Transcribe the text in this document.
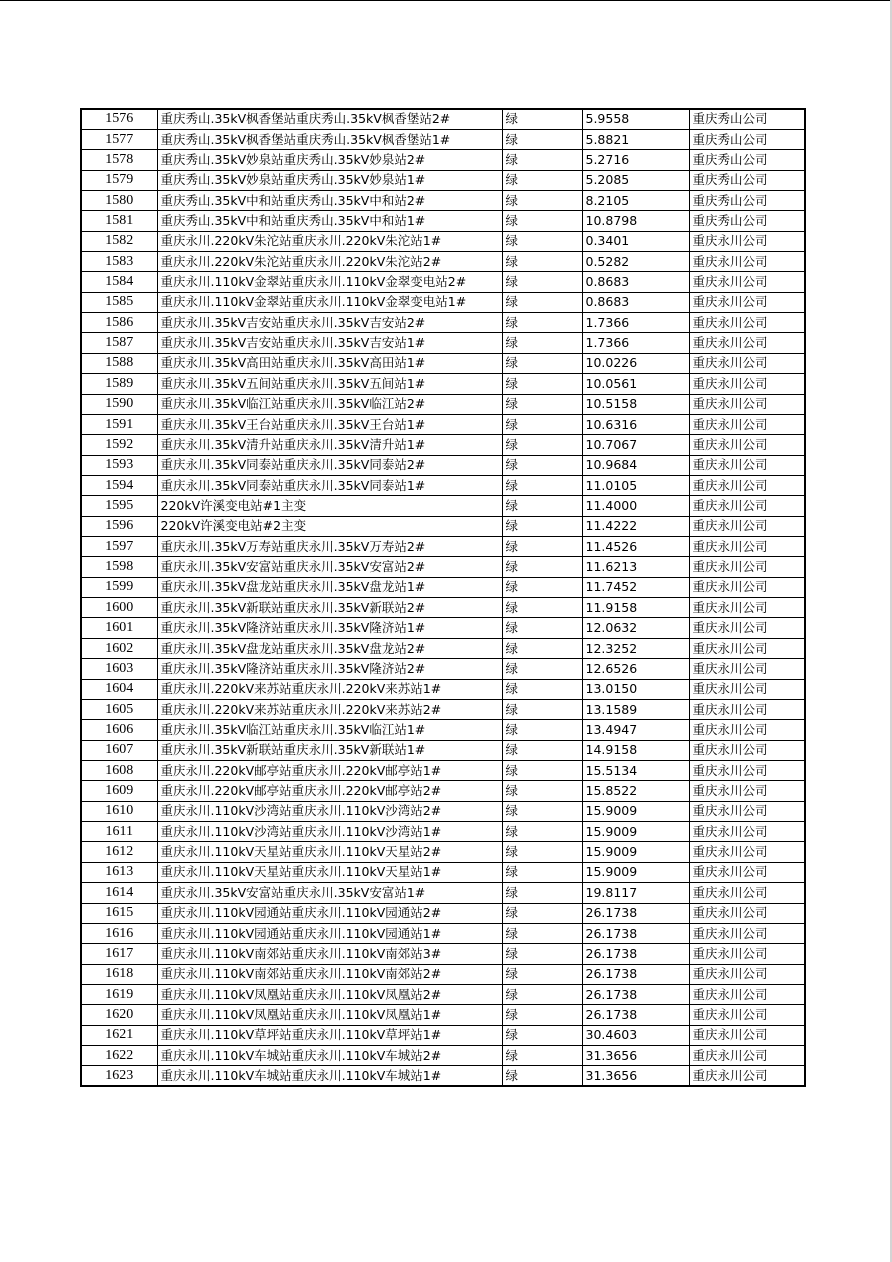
1576	重庆秀山.35kV枫香堡站重庆秀山.35kV枫香堡站2#	绿	5.9558	重庆秀山公司
1577	重庆秀山.35kV枫香堡站重庆秀山.35kV枫香堡站1#	绿	5.8821	重庆秀山公司
1578	重庆秀山.35kV妙泉站重庆秀山.35kV妙泉站2#	绿	5.2716	重庆秀山公司
1579	重庆秀山.35kV妙泉站重庆秀山.35kV妙泉站1#	绿	5.2085	重庆秀山公司
1580	重庆秀山.35kV中和站重庆秀山.35kV中和站2#	绿	8.2105	重庆秀山公司
1581	重庆秀山.35kV中和站重庆秀山.35kV中和站1#	绿	10.8798	重庆秀山公司
1582	重庆永川.220kV朱沱站重庆永川.220kV朱沱站1#	绿	0.3401	重庆永川公司
1583	重庆永川.220kV朱沱站重庆永川.220kV朱沱站2#	绿	0.5282	重庆永川公司
1584	重庆永川.110kV金翠站重庆永川.110kV金翠变电站2#	绿	0.8683	重庆永川公司
1585	重庆永川.110kV金翠站重庆永川.110kV金翠变电站1#	绿	0.8683	重庆永川公司
1586	重庆永川.35kV吉安站重庆永川.35kV吉安站2#	绿	1.7366	重庆永川公司
1587	重庆永川.35kV吉安站重庆永川.35kV吉安站1#	绿	1.7366	重庆永川公司
1588	重庆永川.35kV高田站重庆永川.35kV高田站1#	绿	10.0226	重庆永川公司
1589	重庆永川.35kV五间站重庆永川.35kV五间站1#	绿	10.0561	重庆永川公司
1590	重庆永川.35kV临江站重庆永川.35kV临江站2#	绿	10.5158	重庆永川公司
1591	重庆永川.35kV王台站重庆永川.35kV王台站1#	绿	10.6316	重庆永川公司
1592	重庆永川.35kV清升站重庆永川.35kV清升站1#	绿	10.7067	重庆永川公司
1593	重庆永川.35kV同泰站重庆永川.35kV同泰站2#	绿	10.9684	重庆永川公司
1594	重庆永川.35kV同泰站重庆永川.35kV同泰站1#	绿	11.0105	重庆永川公司
1595	220kV许溪变电站#1主变	绿	11.4000	重庆永川公司
1596	220kV许溪变电站#2主变	绿	11.4222	重庆永川公司
1597	重庆永川.35kV万寿站重庆永川.35kV万寿站2#	绿	11.4526	重庆永川公司
1598	重庆永川.35kV安富站重庆永川.35kV安富站2#	绿	11.6213	重庆永川公司
1599	重庆永川.35kV盘龙站重庆永川.35kV盘龙站1#	绿	11.7452	重庆永川公司
1600	重庆永川.35kV新联站重庆永川.35kV新联站2#	绿	11.9158	重庆永川公司
1601	重庆永川.35kV隆济站重庆永川.35kV隆济站1#	绿	12.0632	重庆永川公司
1602	重庆永川.35kV盘龙站重庆永川.35kV盘龙站2#	绿	12.3252	重庆永川公司
1603	重庆永川.35kV隆济站重庆永川.35kV隆济站2#	绿	12.6526	重庆永川公司
1604	重庆永川.220kV来苏站重庆永川.220kV来苏站1#	绿	13.0150	重庆永川公司
1605	重庆永川.220kV来苏站重庆永川.220kV来苏站2#	绿	13.1589	重庆永川公司
1606	重庆永川.35kV临江站重庆永川.35kV临江站1#	绿	13.4947	重庆永川公司
1607	重庆永川.35kV新联站重庆永川.35kV新联站1#	绿	14.9158	重庆永川公司
1608	重庆永川.220kV邮亭站重庆永川.220kV邮亭站1#	绿	15.5134	重庆永川公司
1609	重庆永川.220kV邮亭站重庆永川.220kV邮亭站2#	绿	15.8522	重庆永川公司
1610	重庆永川.110kV沙湾站重庆永川.110kV沙湾站2#	绿	15.9009	重庆永川公司
1611	重庆永川.110kV沙湾站重庆永川.110kV沙湾站1#	绿	15.9009	重庆永川公司
1612	重庆永川.110kV天星站重庆永川.110kV天星站2#	绿	15.9009	重庆永川公司
1613	重庆永川.110kV天星站重庆永川.110kV天星站1#	绿	15.9009	重庆永川公司
1614	重庆永川.35kV安富站重庆永川.35kV安富站1#	绿	19.8117	重庆永川公司
1615	重庆永川.110kV园通站重庆永川.110kV园通站2#	绿	26.1738	重庆永川公司
1616	重庆永川.110kV园通站重庆永川.110kV园通站1#	绿	26.1738	重庆永川公司
1617	重庆永川.110kV南郊站重庆永川.110kV南郊站3#	绿	26.1738	重庆永川公司
1618	重庆永川.110kV南郊站重庆永川.110kV南郊站2#	绿	26.1738	重庆永川公司
1619	重庆永川.110kV凤凰站重庆永川.110kV凤凰站2#	绿	26.1738	重庆永川公司
1620	重庆永川.110kV凤凰站重庆永川.110kV凤凰站1#	绿	26.1738	重庆永川公司
1621	重庆永川.110kV草坪站重庆永川.110kV草坪站1#	绿	30.4603	重庆永川公司
1622	重庆永川.110kV车城站重庆永川.110kV车城站2#	绿	31.3656	重庆永川公司
1623	重庆永川.110kV车城站重庆永川.110kV车城站1#	绿	31.3656	重庆永川公司
